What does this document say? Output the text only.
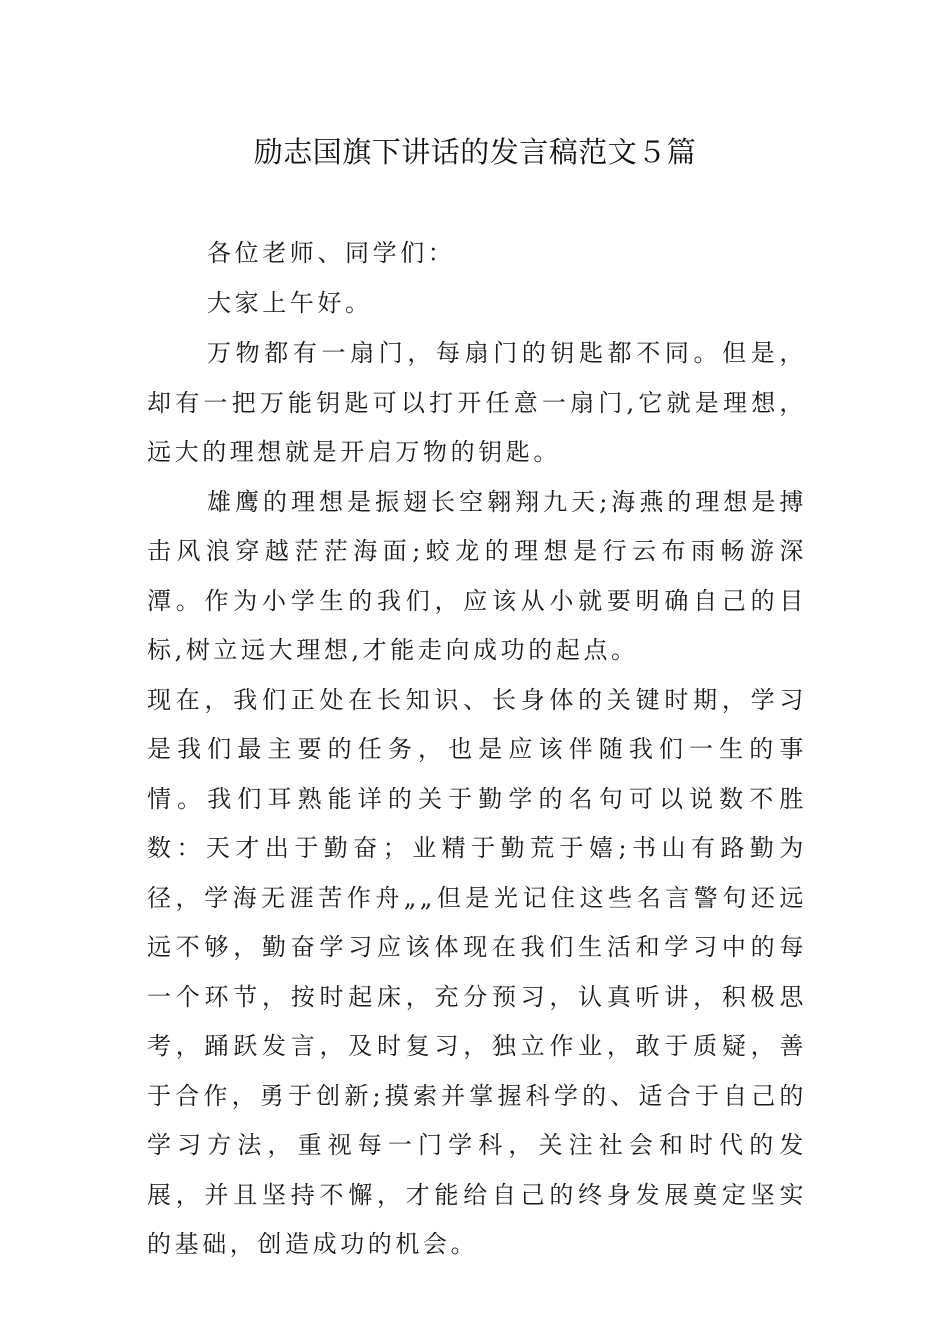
励志国旗下讲话的发言稿范文５篇

各位老师、同学们：

大家上午好。

万物都有一扇门，每扇门的钥匙都不同。但是，却有一把万能钥匙可以打开任意一扇门,它就是理想，远大的理想就是开启万物的钥匙。

雄鹰的理想是振翅长空翱翔九天;海燕的理想是搏击风浪穿越茫茫海面;蛟龙的理想是行云布雨畅游深潭。作为小学生的我们，应该从小就要明确自己的目标,树立远大理想,才能走向成功的起点。

现在，我们正处在长知识、长身体的关键时期，学习是我们最主要的任务，也是应该伴随我们一生的事情。我们耳熟能详的关于勤学的名句可以说数不胜数：天才出于勤奋；业精于勤荒于嬉;书山有路勤为径，学海无涯苦作舟„„但是光记住这些名言警句还远远不够，勤奋学习应该体现在我们生活和学习中的每一个环节，按时起床，充分预习，认真听讲，积极思考，踊跃发言，及时复习，独立作业，敢于质疑，善于合作，勇于创新;摸索并掌握科学的、适合于自己的学习方法，重视每一门学科，关注社会和时代的发展，并且坚持不懈，才能给自己的终身发展奠定坚实的基础，创造成功的机会。
